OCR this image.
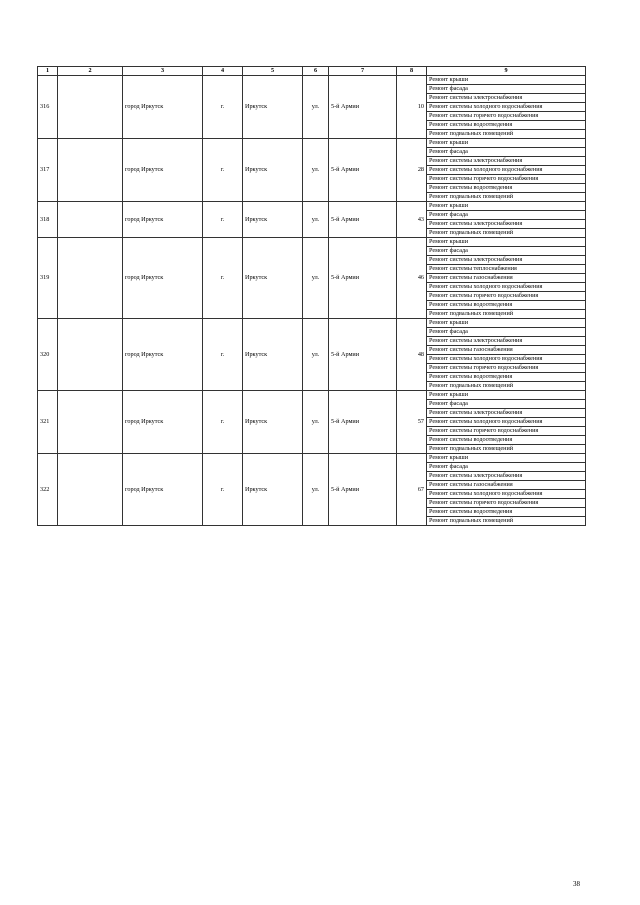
1	2	3	4	5	6	7	8	9
316		город Иркутск	г.	Иркутск	ул.	5-й Армии	10	Ремонт крыши
								Ремонт фасада
								Ремонт системы электроснабжения
								Ремонт системы холодного водоснабжения
								Ремонт системы горячего водоснабжения
								Ремонт системы водоотведения
								Ремонт подвальных помещений
317		город Иркутск	г.	Иркутск	ул.	5-й Армии	28	Ремонт крыши
								Ремонт фасада
								Ремонт системы электроснабжения
								Ремонт системы холодного водоснабжения
								Ремонт системы горячего водоснабжения
								Ремонт системы водоотведения
								Ремонт подвальных помещений
318		город Иркутск	г.	Иркутск	ул.	5-й Армии	43	Ремонт крыши
								Ремонт фасада
								Ремонт системы электроснабжения
								Ремонт подвальных помещений
319		город Иркутск	г.	Иркутск	ул.	5-й Армии	46	Ремонт крыши
								Ремонт фасада
								Ремонт системы электроснабжения
								Ремонт системы теплоснабжения
								Ремонт системы газоснабжения
								Ремонт системы холодного водоснабжения
								Ремонт системы горячего водоснабжения
								Ремонт системы водоотведения
								Ремонт подвальных помещений
320		город Иркутск	г.	Иркутск	ул.	5-й Армии	48	Ремонт крыши
								Ремонт фасада
								Ремонт системы электроснабжения
								Ремонт системы газоснабжения
								Ремонт системы холодного водоснабжения
								Ремонт системы горячего водоснабжения
								Ремонт системы водоотведения
								Ремонт подвальных помещений
321		город Иркутск	г.	Иркутск	ул.	5-й Армии	57	Ремонт крыши
								Ремонт фасада
								Ремонт системы электроснабжения
								Ремонт системы холодного водоснабжения
								Ремонт системы горячего водоснабжения
								Ремонт системы водоотведения
								Ремонт подвальных помещений
322		город Иркутск	г.	Иркутск	ул.	5-й Армии	67	Ремонт крыши
								Ремонт фасада
								Ремонт системы электроснабжения
								Ремонт системы газоснабжения
								Ремонт системы холодного водоснабжения
								Ремонт системы горячего водоснабжения
								Ремонт системы водоотведения
								Ремонт подвальных помещений
38
